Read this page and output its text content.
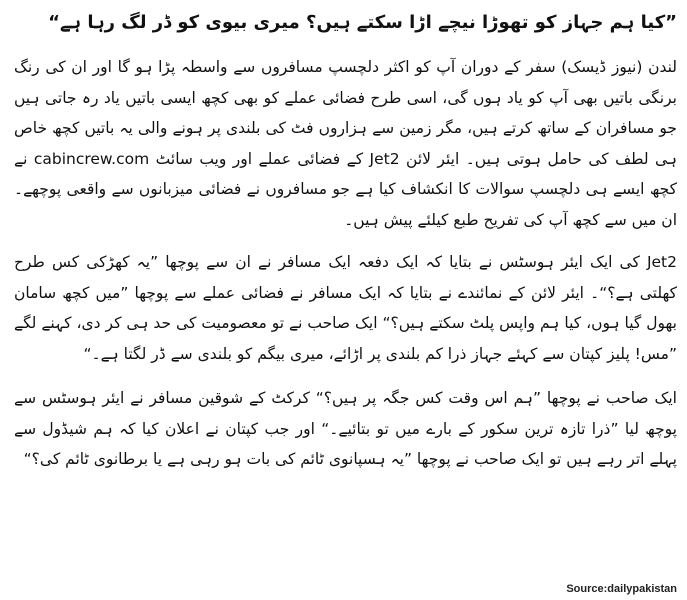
”کیا ہم جہاز کو تھوڑا نیچے اڑا سکتے ہیں؟ میری بیوی کو ڈر لگ رہا ہے“

لندن (نیوز ڈیسک) سفر کے دوران آپ کو اکثر دلچسپ مسافروں سے واسطہ پڑا ہو گا اور ان کی رنگ برنگی باتیں بھی آپ کو یاد ہوں گی، اسی طرح فضائی عملے کو بھی کچھ ایسی باتیں یاد رہ جاتی ہیں جو مسافران کے ساتھ کرتے ہیں، مگر زمین سے ہزاروں فٹ کی بلندی پر ہونے والی یہ باتیں کچھ خاص ہی لطف کی حامل ہوتی ہیں۔ ایئر لائن Jet2 کے فضائی عملے اور ویب سائٹ cabincrew.com نے کچھ ایسے ہی دلچسپ سوالات کا انکشاف کیا ہے جو مسافروں نے فضائی میزبانوں سے واقعی پوچھے۔ ان میں سے کچھ آپ کی تفریح طبع کیلئے پیش ہیں۔

Jet2 کی ایک ایئر ہوسٹس نے بتایا کہ ایک دفعہ ایک مسافر نے ان سے پوچھا ”یہ کھڑکی کس طرح کھلتی ہے؟“۔ ایئر لائن کے نمائندے نے بتایا کہ ایک مسافر نے فضائی عملے سے پوچھا ”میں کچھ سامان بھول گیا ہوں، کیا ہم واپس پلٹ سکتے ہیں؟“ ایک صاحب نے تو معصومیت کی حد ہی کر دی، کہنے لگے ”مس! پلیز کپتان سے کہئے جہاز ذرا کم بلندی پر اڑائے، میری بیگم کو بلندی سے ڈر لگتا ہے۔“

ایک صاحب نے پوچھا ”ہم اس وقت کس جگہ پر ہیں؟“ کرکٹ کے شوقین مسافر نے ایئر ہوسٹس سے پوچھ لیا ”ذرا تازہ ترین سکور کے بارے میں تو بتائیے۔“ اور جب کپتان نے اعلان کیا کہ ہم شیڈول سے پہلے اتر رہے ہیں تو ایک صاحب نے پوچھا ”یہ ہسپانوی ٹائم کی بات ہو رہی ہے یا برطانوی ٹائم کی؟“

Source:dailypakistan
